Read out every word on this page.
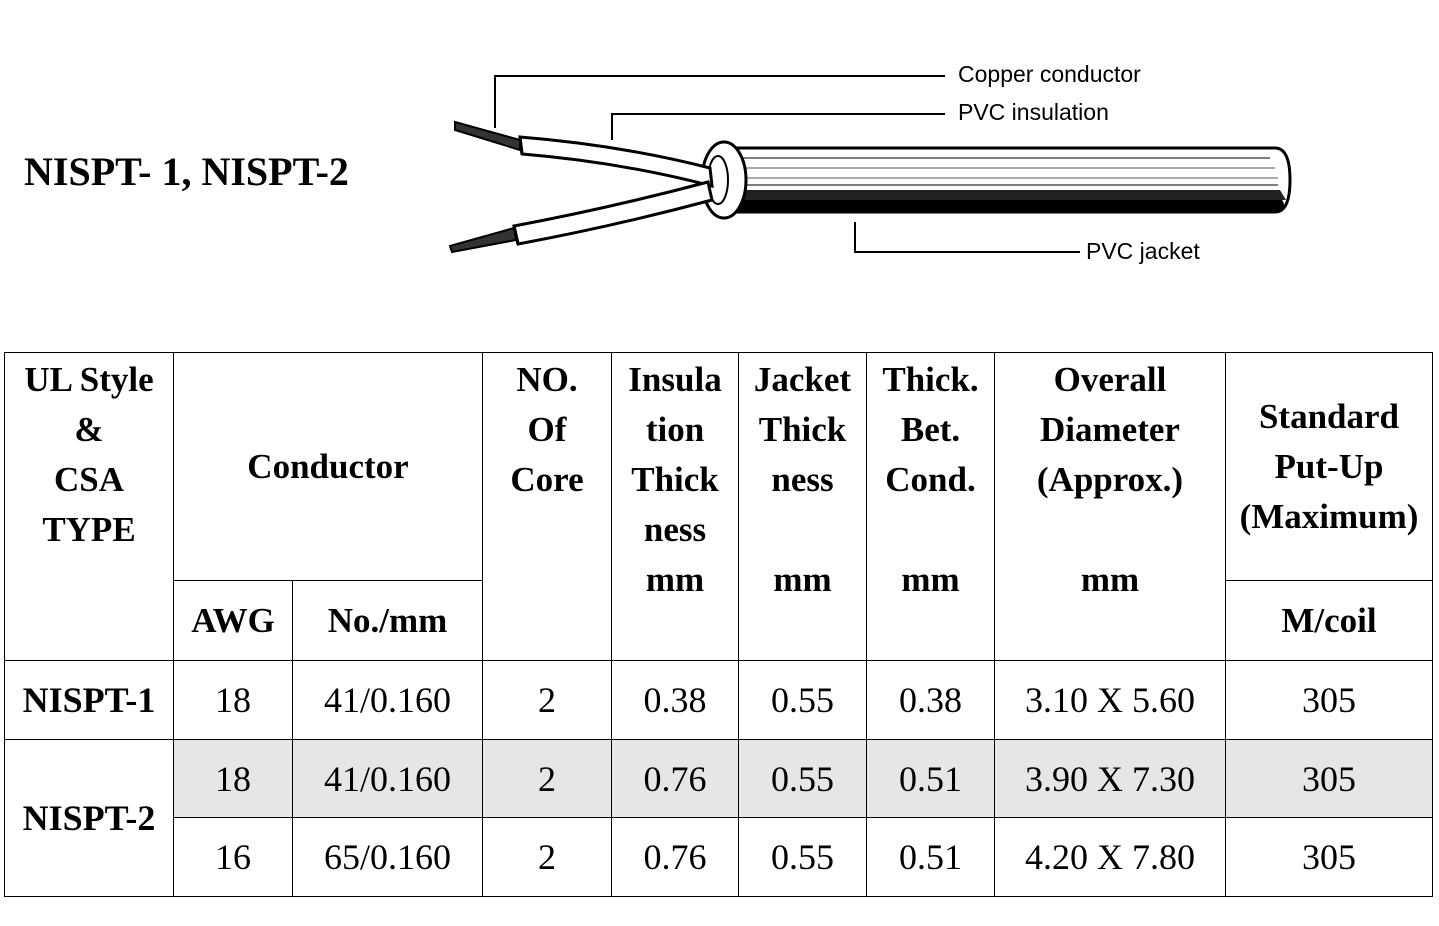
NISPT- 1, NISPT-2
Copper conductor
PVC insulation
PVC jacket
UL Style
&
CSA
TYPE	Conductor		NO.
Of
Core	Insula
tion
Thick
ness
mm	Jacket
Thick
ness
mm	Thick.
Bet.
Cond.
mm	Overall
Diameter
(Approx.)
mm	Standard
Put-Up
(Maximum)

	AWG	No./mm						M/coil
NISPT-1	18	41/0.160	2	0.38	0.55	0.38	3.10 X 5.60	305
NISPT-2	18	41/0.160	2	0.76	0.55	0.51	3.90 X 7.30	305
	16	65/0.160	2	0.76	0.55	0.51	4.20 X 7.80	305
